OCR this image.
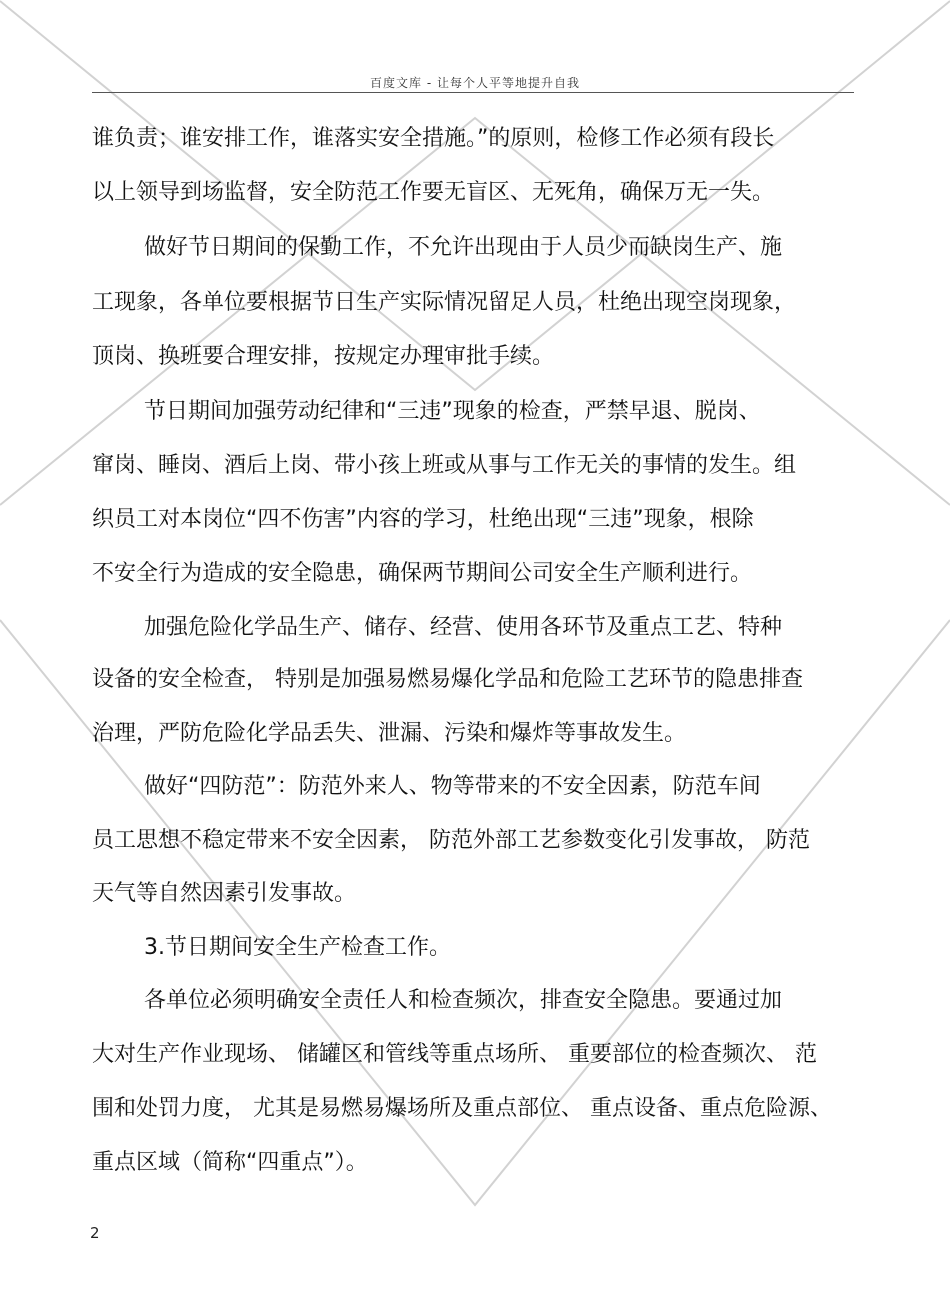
百度文库 - 让每个人平等地提升自我
谁负责；谁安排工作，谁落实安全措施。”的原则，检修工作必须有段长
以上领导到场监督，安全防范工作要无盲区、无死角，确保万无一失。
做好节日期间的保勤工作，不允许出现由于人员少而缺岗生产、施
工现象，各单位要根据节日生产实际情况留足人员，杜绝出现空岗现象，
顶岗、换班要合理安排，按规定办理审批手续。
节日期间加强劳动纪律和“三违”现象的检查，严禁早退、脱岗、
窜岗、睡岗、酒后上岗、带小孩上班或从事与工作无关的事情的发生。组
织员工对本岗位“四不伤害”内容的学习，杜绝出现“三违”现象，根除
不安全行为造成的安全隐患，确保两节期间公司安全生产顺利进行。
加强危险化学品生产、储存、经营、使用各环节及重点工艺、特种
设备的安全检查， 特别是加强易燃易爆化学品和危险工艺环节的隐患排查
治理，严防危险化学品丢失、泄漏、污染和爆炸等事故发生。
做好“四防范”：防范外来人、物等带来的不安全因素，防范车间
员工思想不稳定带来不安全因素， 防范外部工艺参数变化引发事故， 防范
天气等自然因素引发事故。
3.节日期间安全生产检查工作。
各单位必须明确安全责任人和检查频次，排查安全隐患。要通过加
大对生产作业现场、 储罐区和管线等重点场所、 重要部位的检查频次、 范
围和处罚力度， 尤其是易燃易爆场所及重点部位、 重点设备、重点危险源、
重点区域（简称“四重点”）。
2
